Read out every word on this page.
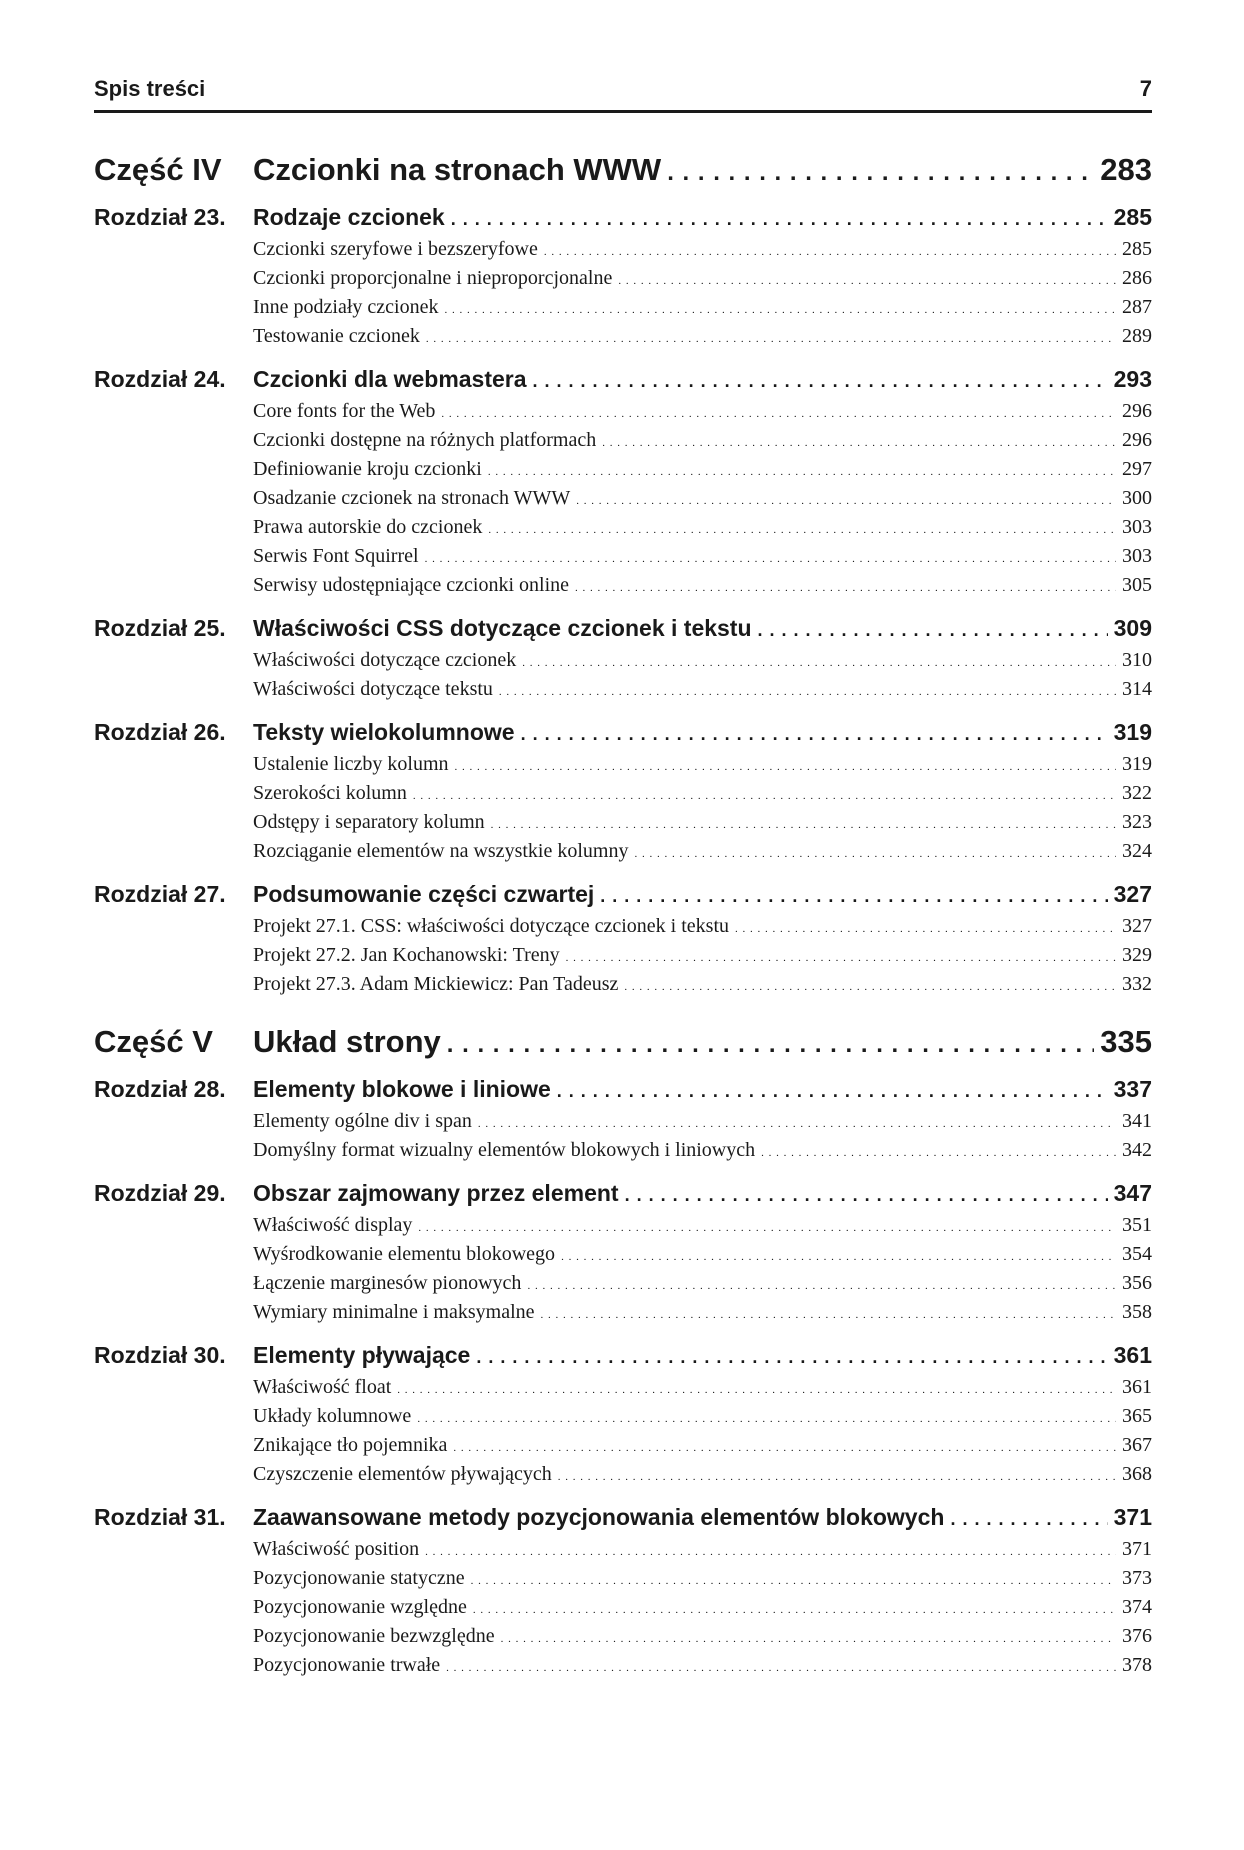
Spis treści	7
Część IV	Czcionki na stronach WWW . . .	283
Rozdział 23.	Rodzaje czcionek . . .	285
Czcionki szeryfowe i bezszeryfowe . . .	285
Czcionki proporcjonalne i nieproporcjonalne . . .	286
Inne podziały czcionek . . .	287
Testowanie czcionek . . .	289
Rozdział 24.	Czcionki dla webmastera . . .	293
Core fonts for the Web . . .	296
Czcionki dostępne na różnych platformach . . .	296
Definiowanie kroju czcionki . . .	297
Osadzanie czcionek na stronach WWW . . .	300
Prawa autorskie do czcionek . . .	303
Serwis Font Squirrel . . .	303
Serwisy udostępniające czcionki online . . .	305
Rozdział 25.	Właściwości CSS dotyczące czcionek i tekstu . . .	309
Właściwości dotyczące czcionek . . .	310
Właściwości dotyczące tekstu . . .	314
Rozdział 26.	Teksty wielokolumnowe . . .	319
Ustalenie liczby kolumn . . .	319
Szerokości kolumn . . .	322
Odstępy i separatory kolumn . . .	323
Rozciąganie elementów na wszystkie kolumny . . .	324
Rozdział 27.	Podsumowanie części czwartej . . .	327
Projekt 27.1. CSS: właściwości dotyczące czcionek i tekstu . . .	327
Projekt 27.2. Jan Kochanowski: Treny . . .	329
Projekt 27.3. Adam Mickiewicz: Pan Tadeusz . . .	332
Część V	Układ strony . . .	335
Rozdział 28.	Elementy blokowe i liniowe . . .	337
Elementy ogólne div i span . . .	341
Domyślny format wizualny elementów blokowych i liniowych . . .	342
Rozdział 29.	Obszar zajmowany przez element . . .	347
Właściwość display . . .	351
Wyśrodkowanie elementu blokowego . . .	354
Łączenie marginesów pionowych . . .	356
Wymiary minimalne i maksymalne . . .	358
Rozdział 30.	Elementy pływające . . .	361
Właściwość float . . .	361
Układy kolumnowe . . .	365
Znikające tło pojemnika . . .	367
Czyszczenie elementów pływających . . .	368
Rozdział 31.	Zaawansowane metody pozycjonowania elementów blokowych . . .	371
Właściwość position . . .	371
Pozycjonowanie statyczne . . .	373
Pozycjonowanie względne . . .	374
Pozycjonowanie bezwzględne . . .	376
Pozycjonowanie trwałe . . .	378
